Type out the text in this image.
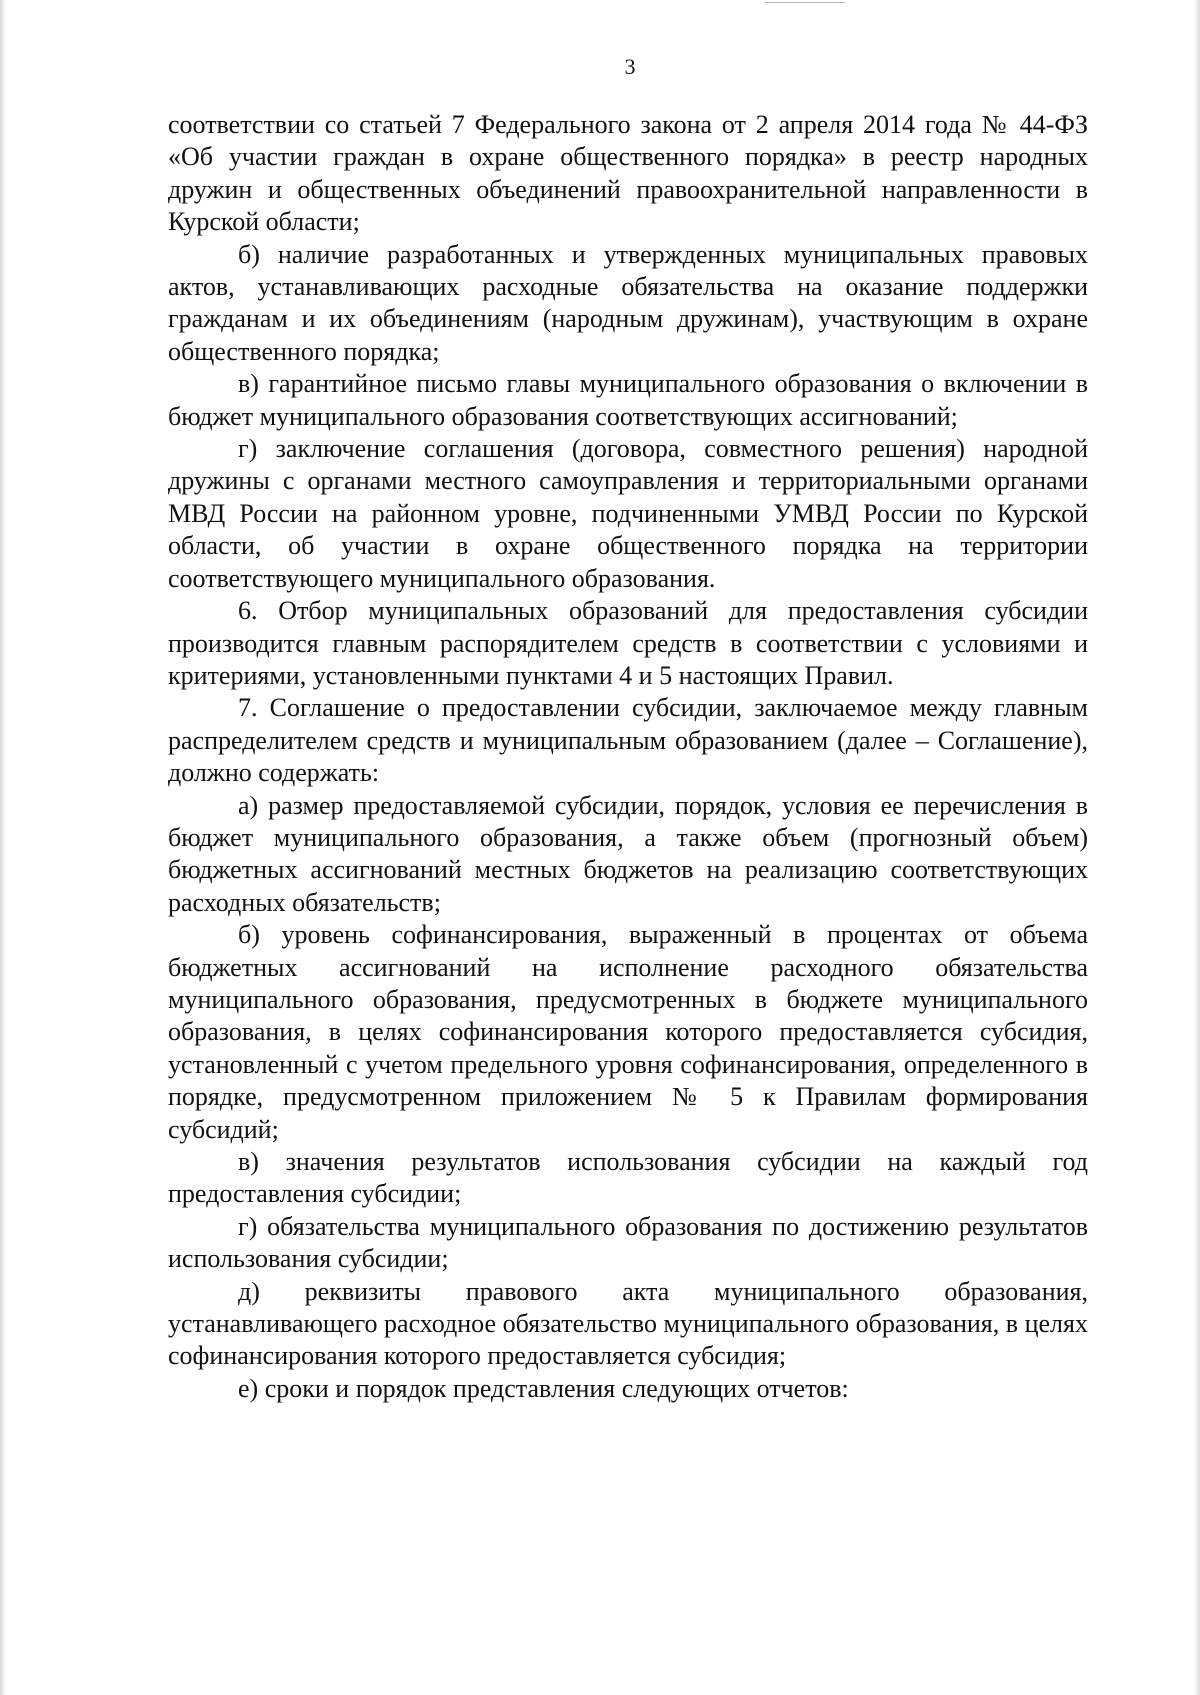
3

соответствии со статьей 7 Федерального закона от 2 апреля 2014 года № 44-ФЗ «Об участии граждан в охране общественного порядка» в реестр народных дружин и общественных объединений правоохранительной направленности в Курской области;

б) наличие разработанных и утвержденных муниципальных правовых актов, устанавливающих расходные обязательства на оказание поддержки гражданам и их объединениям (народным дружинам), участвующим в охране общественного порядка;

в) гарантийное письмо главы муниципального образования о включении в бюджет муниципального образования соответствующих ассигнований;

г) заключение соглашения (договора, совместного решения) народной дружины с органами местного самоуправления и территориальными органами МВД России на районном уровне, подчиненными УМВД России по Курской области, об участии в охране общественного порядка на территории соответствующего муниципального образования.

6. Отбор муниципальных образований для предоставления субсидии производится главным распорядителем средств в соответствии с условиями и критериями, установленными пунктами 4 и 5 настоящих Правил.

7. Соглашение о предоставлении субсидии, заключаемое между главным распределителем средств и муниципальным образованием (далее – Соглашение), должно содержать:

а) размер предоставляемой субсидии, порядок, условия ее перечисления в бюджет муниципального образования, а также объем (прогнозный объем) бюджетных ассигнований местных бюджетов на реализацию соответствующих расходных обязательств;

б) уровень софинансирования, выраженный в процентах от объема бюджетных ассигнований на исполнение расходного обязательства муниципального образования, предусмотренных в бюджете муниципального образования, в целях софинансирования которого предоставляется субсидия, установленный с учетом предельного уровня софинансирования, определенного в порядке, предусмотренном приложением № 5 к Правилам формирования субсидий;

в) значения результатов использования субсидии на каждый год предоставления субсидии;

г) обязательства муниципального образования по достижению результатов использования субсидии;

д) реквизиты правового акта муниципального образования, устанавливающего расходное обязательство муниципального образования, в целях софинансирования которого предоставляется субсидия;

е) сроки и порядок представления следующих отчетов:
